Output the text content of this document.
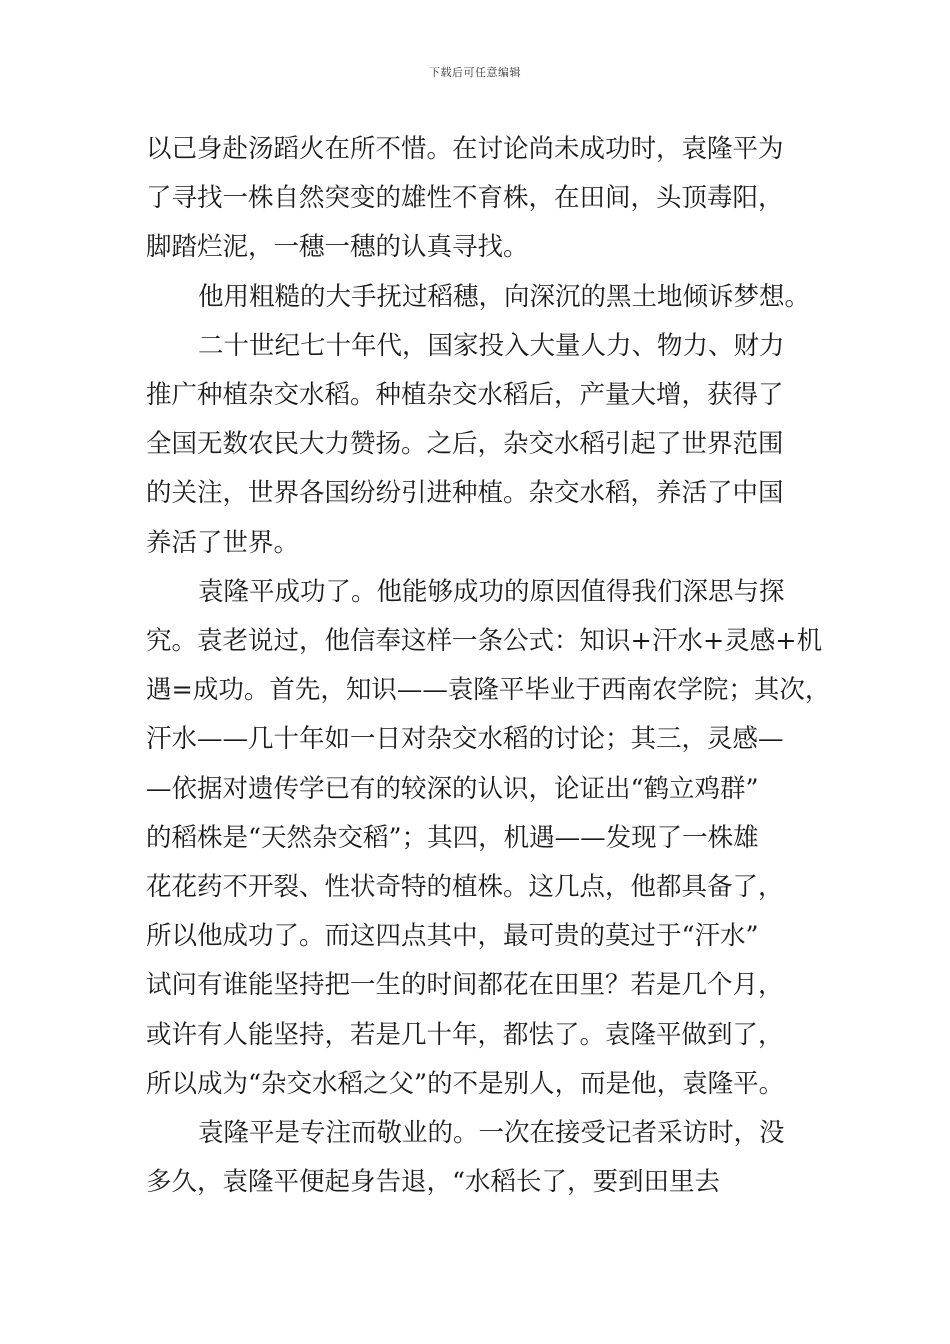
下载后可任意编辑
以己身赴汤蹈火在所不惜。在讨论尚未成功时，袁隆平为
了寻找一株自然突变的雄性不育株，在田间，头顶毒阳，
脚踏烂泥，一穗一穗的认真寻找。
他用粗糙的大手抚过稻穗，向深沉的黑土地倾诉梦想。
二十世纪七十年代，国家投入大量人力、物力、财力
推广种植杂交水稻。种植杂交水稻后，产量大增，获得了
全国无数农民大力赞扬。之后，杂交水稻引起了世界范围
的关注，世界各国纷纷引进种植。杂交水稻，养活了中国
养活了世界。
袁隆平成功了。他能够成功的原因值得我们深思与探
究。袁老说过，他信奉这样一条公式：知识+汗水+灵感+机
遇=成功。首先，知识——袁隆平毕业于西南农学院；其次，
汗水——几十年如一日对杂交水稻的讨论；其三，灵感—
—依据对遗传学已有的较深的认识，论证出“鹤立鸡群”
的稻株是“天然杂交稻”；其四，机遇——发现了一株雄
花花药不开裂、性状奇特的植株。这几点，他都具备了，
所以他成功了。而这四点其中，最可贵的莫过于“汗水”
试问有谁能坚持把一生的时间都花在田里？若是几个月，
或许有人能坚持，若是几十年，都怯了。袁隆平做到了，
所以成为“杂交水稻之父”的不是别人，而是他，袁隆平。
袁隆平是专注而敬业的。一次在接受记者采访时，没
多久，袁隆平便起身告退，“水稻长了，要到田里去
